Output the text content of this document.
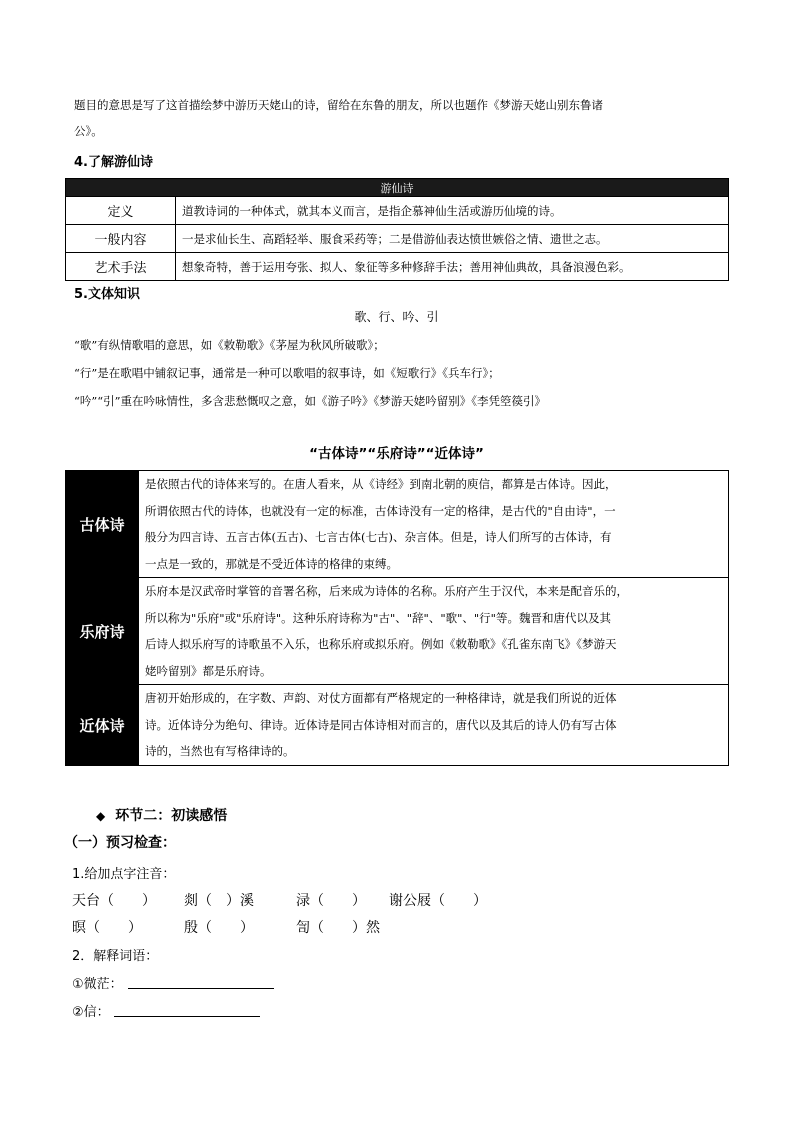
题目的意思是写了这首描绘梦中游历天姥山的诗，留给在东鲁的朋友，所以也题作《梦游天姥山别东鲁诸
公》。
4.了解游仙诗
游仙诗	
定义	道教诗词的一种体式，就其本义而言，是指企慕神仙生活或游历仙境的诗。
一般内容	一是求仙长生、高蹈轻举、服食采药等；二是借游仙表达愤世嫉俗之情、遗世之志。
艺术手法	想象奇特，善于运用夸张、拟人、象征等多种修辞手法；善用神仙典故，具备浪漫色彩。
5.文体知识
歌、行、吟、引
“歌”有纵情歌唱的意思，如《敕勒歌》《茅屋为秋风所破歌》；
“行”是在歌唱中铺叙记事，通常是一种可以歌唱的叙事诗，如《短歌行》《兵车行》；
“吟”“引”重在吟咏情性，多含悲愁慨叹之意，如《游子吟》《梦游天姥吟留别》《李凭箜篌引》
“古体诗”“乐府诗”“近体诗”
古体诗	是依照古代的诗体来写的。在唐人看来，从《诗经》到南北朝的庾信，都算是古体诗。因此，
所谓依照古代的诗体，也就没有一定的标准，古体诗没有一定的格律，是古代的"自由诗"，一
般分为四言诗、五言古体(五古)、七言古体(七古)、杂言体。但是，诗人们所写的古体诗，有
一点是一致的，那就是不受近体诗的格律的束缚。

乐府诗	乐府本是汉武帝时掌管的音署名称，后来成为诗体的名称。乐府产生于汉代，本来是配音乐的，
所以称为"乐府"或"乐府诗"。这种乐府诗称为"古"、"辞"、"歌"、"行"等。魏晋和唐代以及其
后诗人拟乐府写的诗歌虽不入乐，也称乐府或拟乐府。例如《敕勒歌》《孔雀东南飞》《梦游天
姥吟留别》都是乐府诗。

近体诗	唐初开始形成的，在字数、声韵、对仗方面都有严格规定的一种格律诗，就是我们所说的近体
诗。近体诗分为绝句、律诗。近体诗是同古体诗相对而言的，唐代以及其后的诗人仍有写古体
诗的，当然也有写格律诗的。
◆ 环节二：初读感悟
（一）预习检查：
1.给加点字注音：
天台（　　） 剡（　）溪	渌（　　） 谢公屐（　　）
暝（　　）	殷（　　）	訇（　　）然
2．解释词语：
①微茫：
②信：
